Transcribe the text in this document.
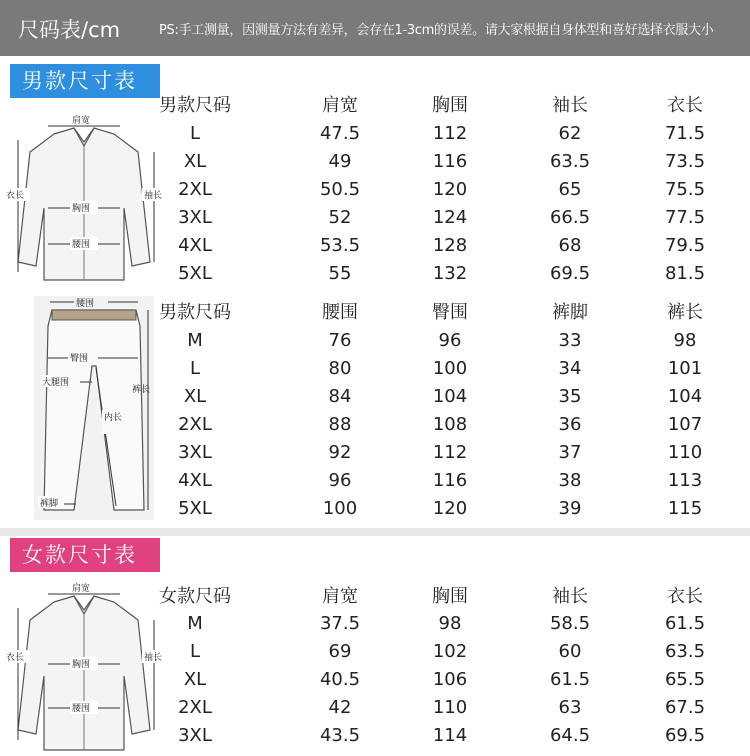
尺码表/cm	PS:手工测量，因测量方法有差异，会存在1-3cm的误差。请大家根据自身体型和喜好选择衣服大小
男款尺寸表
肩宽
衣长
胸围
袖长
腰围
男款尺码	肩宽	胸围	袖长	衣长
L	47.5	112	62	71.5
XL	49	116	63.5	73.5
2XL	50.5	120	65	75.5
3XL	52	124	66.5	77.5
4XL	53.5	128	68	79.5
5XL	55	132	69.5	81.5
腰围
臀围
大腿围
内长
裤长
裤脚
男款尺码	腰围	臀围	裤脚	裤长
M	76	96	33	98
L	80	100	34	101
XL	84	104	35	104
2XL	88	108	36	107
3XL	92	112	37	110
4XL	96	116	38	113
5XL	100	120	39	115
女款尺寸表
肩宽
衣长
胸围
袖长
腰围
女款尺码	肩宽	胸围	袖长	衣长
M	37.5	98	58.5	61.5
L	69	102	60	63.5
XL	40.5	106	61.5	65.5
2XL	42	110	63	67.5
3XL	43.5	114	64.5	69.5
